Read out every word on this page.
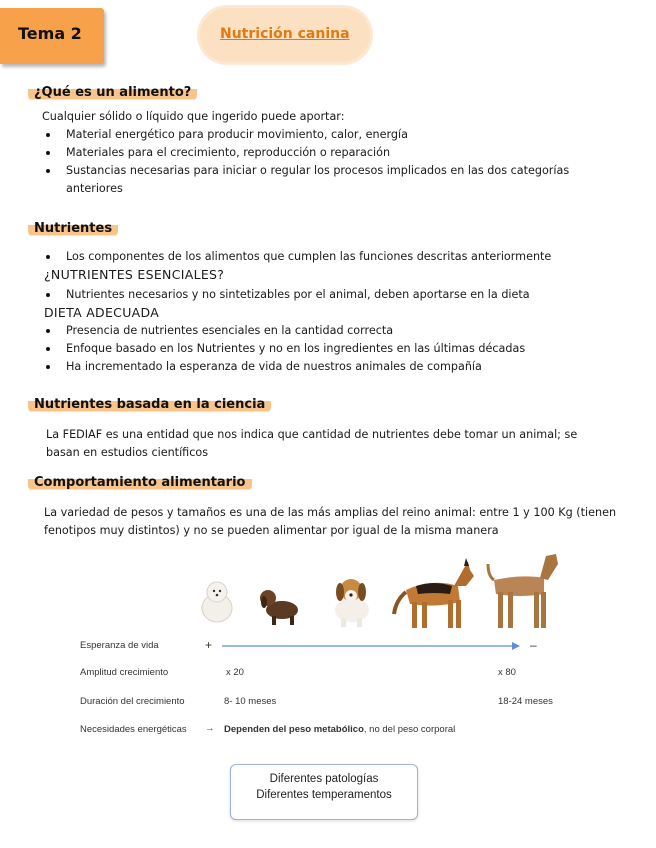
Tema 2	Nutrición canina
¿Qué es un alimento?
Cualquier sólido o líquido que ingerido puede aportar:
Material energético para producir movimiento, calor, energía
Materiales para el crecimiento, reproducción o reparación
Sustancias necesarias para iniciar o regular los procesos implicados en las dos categorías
anteriores
Nutrientes
Los componentes de los alimentos que cumplen las funciones descritas anteriormente
¿NUTRIENTES ESENCIALES?
Nutrientes necesarios y no sintetizables por el animal, deben aportarse en la dieta
DIETA ADECUADA
Presencia de nutrientes esenciales en la cantidad correcta
Enfoque basado en los Nutrientes y no en los ingredientes en las últimas décadas
Ha incrementado la esperanza de vida de nuestros animales de compañía
Nutrientes basada en la ciencia
La FEDIAF es una entidad que nos indica que cantidad de nutrientes debe tomar un animal; se
basan en estudios científicos
Comportamiento alimentario
La variedad de pesos y tamaños es una de las más amplias del reino animal: entre 1 y 100 Kg (tienen
fenotipos muy distintos) y no se pueden alimentar por igual de la misma manera
Esperanza de vida	+	–
Amplitud crecimiento	x 20	x 80
Duración del crecimiento	8- 10 meses	18-24 meses
Necesidades energéticas → Dependen del peso metabólico, no del peso corporal
Diferentes patologías
Diferentes temperamentos
